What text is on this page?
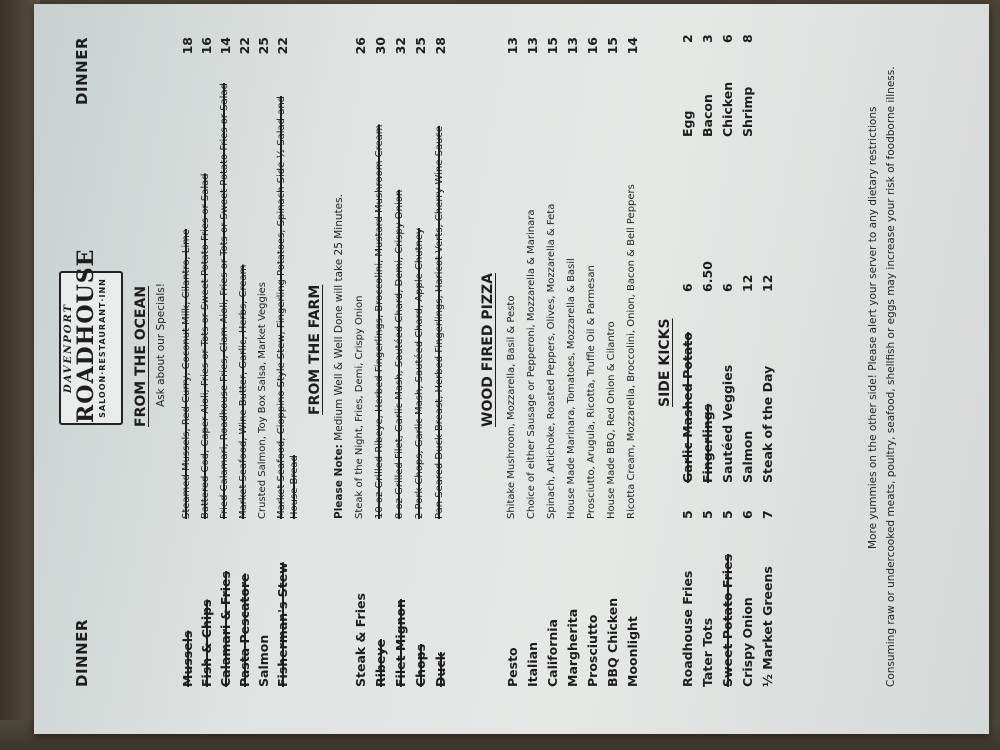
DINNER
DINNER
DAVENPORT ROADHOUSE SALOON·RESTAURANT·INN FROM THE OCEAN Ask about our Specials!
Mussels
Steamed Mussels, Red Curry, Coconut Milk, Cilantro, Lime
18
Fish & Chips
Battered Cod, Caper Aioli, Fries or Tots or Sweet Potato Fries or Salad
16
Calamari & Fries
Fried Calamari, Roadhouse Fries, Clam Aioli, Fries or Tots or Sweet Potato Fries or Salad
14
Pasta Pescatore
Market Seafood, Wine Butter, Garlic, Herbs, Cream
22
Salmon
Crusted Salmon, Toy Box Salsa, Market Veggies
25
Fisherman's Stew
Market Seafood, Cioppino Style Stew, Fingerling Potatoes, Spinach Side ½ Salad and House Bread
22
FROM THE FARM
Please Note: Medium Well & Well Done will take 25 Minutes.
Steak & Fries
Steak of the Night, Fries, Demi, Crispy Onion
26
Ribeye
10 oz Grilled Ribeye, Herbed Fingerlings, Broccolini, Mustard Mushroom Cream
30
Filet Mignon
8 oz Grilled Filet, Garlic Mash, Sautéed Chard, Demi, Crispy Onion
32
Chops
2 Pork Chops, Garlic Mash, Sautéed Chard, Apple Chutney
25
Duck
Pan Seared Duck Breast, Herbed Fingerlings, Haricot Verts, Cherry Wine Sauce
28
WOOD FIRED PIZZA
Pesto
Shitake Mushroom, Mozzarella, Basil & Pesto
13
Italian
Choice of either Sausage or Pepperoni, Mozzarella & Marinara
13
California
Spinach, Artichoke, Roasted Peppers, Olives, Mozzarella & Feta
15
Margherita
House Made Marinara, Tomatoes, Mozzarella & Basil
13
Prosciutto
Prosciutto, Arugula, Ricotta, Truffle Oil & Parmesan
16
BBQ Chicken
House Made BBQ, Red Onion & Cilantro
15
Moonlight
Ricotta Cream, Mozzarella, Broccolini, Onion, Bacon & Bell Peppers
14
SIDE KICKS
Roadhouse Fries
5
Tater Tots
5
Sweet Potato Fries
5
Crispy Onion
6
½ Market Greens
7
Garlic Mashed Potato
6
Fingerlings
6.50
Sautéed Veggies
6
Salmon
12
Steak of the Day
12
Egg
2
Bacon
3
Chicken
6
Shrimp
8
More yummies on the other side! Please alert your server to any dietary restrictions Consuming raw or undercooked meats, poultry, seafood, shellfish or eggs may increase your risk of foodborne illness.
